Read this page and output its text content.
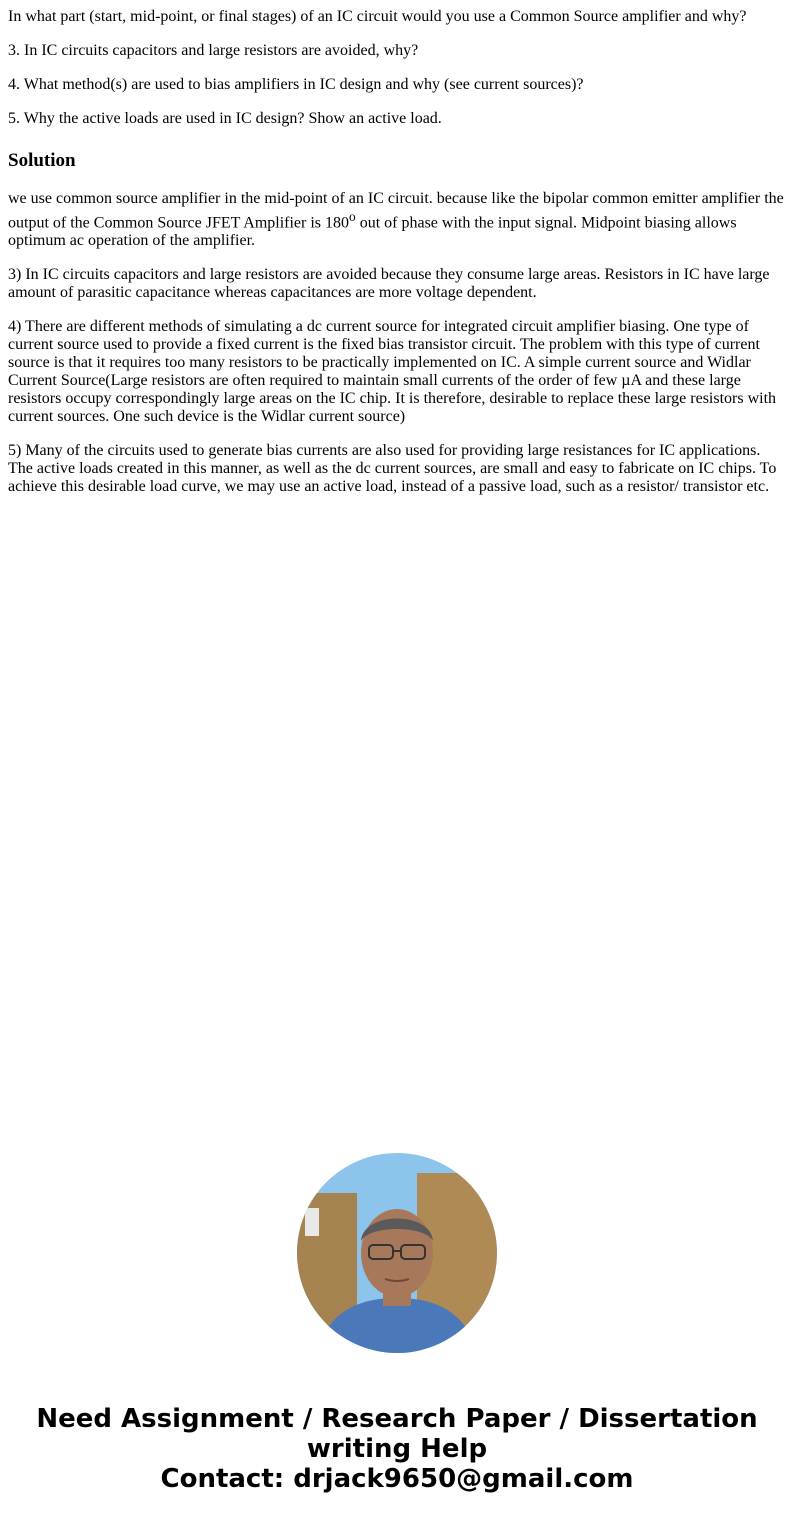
In what part (start, mid-point, or final stages) of an IC circuit would you use a Common Source amplifier and why?

3. In IC circuits capacitors and large resistors are avoided, why?

4. What method(s) are used to bias amplifiers in IC design and why (see current sources)?

5. Why the active loads are used in IC design? Show an active load.

Solution

we use common source amplifier in the mid-point of an IC circuit. because like the bipolar common emitter amplifier the output of the Common Source JFET Amplifier is 180$^o$ out of phase with the input signal. Midpoint biasing allows optimum ac operation of the amplifier.

3) In IC circuits capacitors and large resistors are avoided because they consume large areas. Resistors in IC have large amount of parasitic capacitance whereas capacitances are more voltage dependent.

4) There are different methods of simulating a dc current source for integrated circuit amplifier biasing. One type of current source used to provide a fixed current is the fixed bias transistor circuit. The problem with this type of current source is that it requires too many resistors to be practically implemented on IC. A simple current source and Widlar Current Source(Large resistors are often required to maintain small currents of the order of few µA and these large resistors occupy correspondingly large areas on the IC chip. It is therefore, desirable to replace these large resistors with current sources. One such device is the Widlar current source)

5) Many of the circuits used to generate bias currents are also used for providing large resistances for IC applications. The active loads created in this manner, as well as the dc current sources, are small and easy to fabricate on IC chips. To achieve this desirable load curve, we may use an active load, instead of a passive load, such as a resistor/ transistor etc.

Need Assignment / Research Paper / Dissertation
writing Help
Contact: drjack9650@gmail.com
